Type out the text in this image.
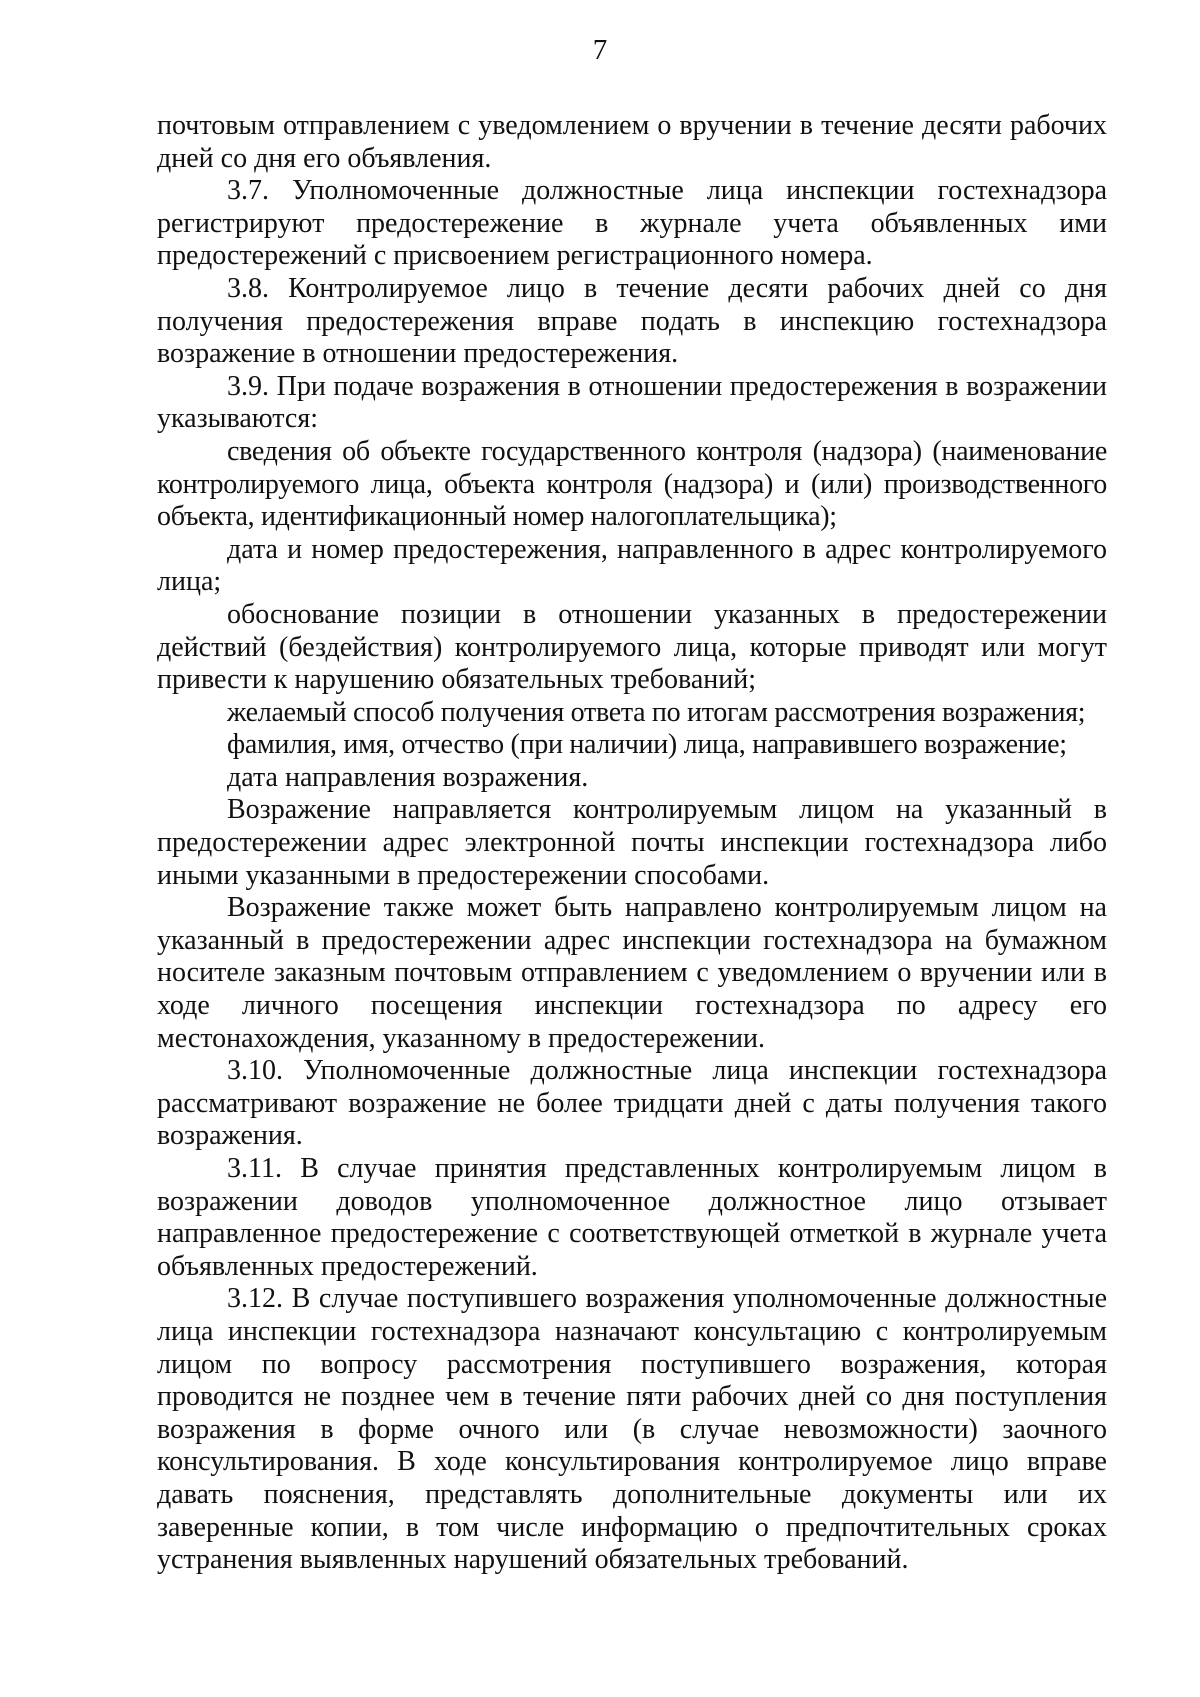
7

почтовым отправлением с уведомлением о вручении в течение десяти рабочих дней со дня его объявления.

3.7. Уполномоченные должностные лица инспекции гостехнадзора регистрируют предостережение в журнале учета объявленных ими предостережений с присвоением регистрационного номера.

3.8. Контролируемое лицо в течение десяти рабочих дней со дня получения предостережения вправе подать в инспекцию гостехнадзора возражение в отношении предостережения.

3.9. При подаче возражения в отношении предостережения в возражении указываются:

сведения об объекте государственного контроля (надзора) (наименование контролируемого лица, объекта контроля (надзора) и (или) производственного объекта, идентификационный номер налогоплательщика);

дата и номер предостережения, направленного в адрес контролируемого лица;

обоснование позиции в отношении указанных в предостережении действий (бездействия) контролируемого лица, которые приводят или могут привести к нарушению обязательных требований;

желаемый способ получения ответа по итогам рассмотрения возражения;

фамилия, имя, отчество (при наличии) лица, направившего возражение;

дата направления возражения.

Возражение направляется контролируемым лицом на указанный в предостережении адрес электронной почты инспекции гостехнадзора либо иными указанными в предостережении способами.

Возражение также может быть направлено контролируемым лицом на указанный в предостережении адрес инспекции гостехнадзора на бумажном носителе заказным почтовым отправлением с уведомлением о вручении или в ходе личного посещения инспекции гостехнадзора по адресу его местонахождения, указанному в предостережении.

3.10. Уполномоченные должностные лица инспекции гостехнадзора рассматривают возражение не более тридцати дней с даты получения такого возражения.

3.11. В случае принятия представленных контролируемым лицом в возражении доводов уполномоченное должностное лицо отзывает направленное предостережение с соответствующей отметкой в журнале учета объявленных предостережений.

3.12. В случае поступившего возражения уполномоченные должностные лица инспекции гостехнадзора назначают консультацию с контролируемым лицом по вопросу рассмотрения поступившего возражения, которая проводится не позднее чем в течение пяти рабочих дней со дня поступления возражения в форме очного или (в случае невозможности) заочного консультирования. В ходе консультирования контролируемое лицо вправе давать пояснения, представлять дополнительные документы или их заверенные копии, в том числе информацию о предпочтительных сроках устранения выявленных нарушений обязательных требований.
